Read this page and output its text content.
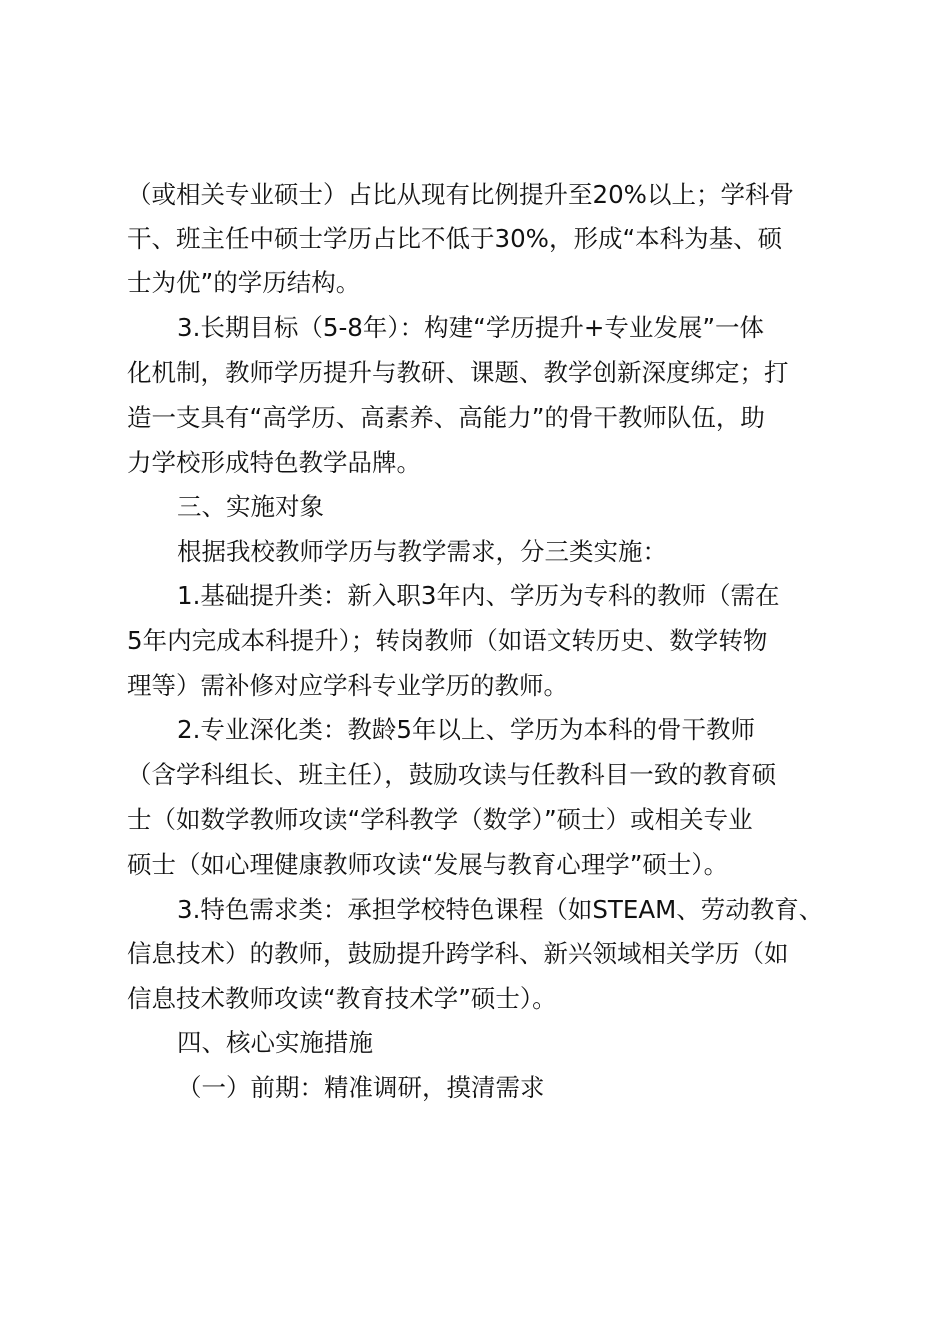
（或相关专业硕士）占比从现有比例提升至20%以上；学科骨
干、班主任中硕士学历占比不低于30%，形成“本科为基、硕
士为优”的学历结构。
3.长期目标（5-8年）：构建“学历提升+专业发展”一体
化机制，教师学历提升与教研、课题、教学创新深度绑定；打
造一支具有“高学历、高素养、高能力”的骨干教师队伍，助
力学校形成特色教学品牌。
三、实施对象
根据我校教师学历与教学需求，分三类实施：
1.基础提升类：新入职3年内、学历为专科的教师（需在
5年内完成本科提升）；转岗教师（如语文转历史、数学转物
理等）需补修对应学科专业学历的教师。
2.专业深化类：教龄5年以上、学历为本科的骨干教师
（含学科组长、班主任），鼓励攻读与任教科目一致的教育硕
士（如数学教师攻读“学科教学（数学）”硕士）或相关专业
硕士（如心理健康教师攻读“发展与教育心理学”硕士）。
3.特色需求类：承担学校特色课程（如STEAM、劳动教育、
信息技术）的教师，鼓励提升跨学科、新兴领域相关学历（如
信息技术教师攻读“教育技术学”硕士）。
四、核心实施措施
（一）前期：精准调研，摸清需求
